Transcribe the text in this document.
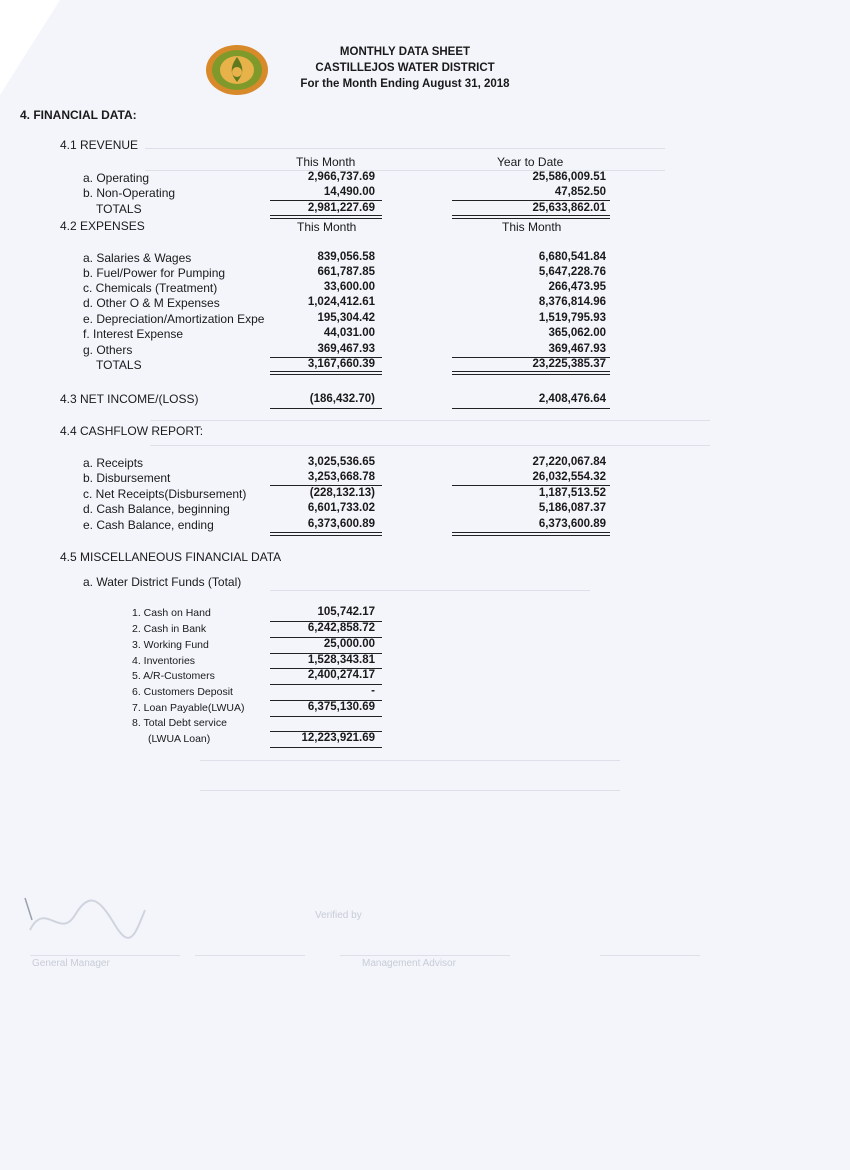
General Manager	Management Advisor
Verified by
MONTHLY DATA SHEET
CASTILLEJOS WATER DISTRICT
For the Month Ending August 31, 2018
4. FINANCIAL DATA:
4.1 REVENUE
This Month	Year to Date
a. Operating	2,966,737.69	25,586,009.51
b. Non-Operating	14,490.00	47,852.50
TOTALS	2,981,227.69	25,633,862.01
4.2 EXPENSES	This Month	This Month
a. Salaries & Wages	839,056.58	6,680,541.84
b. Fuel/Power for Pumping	661,787.85	5,647,228.76
c. Chemicals (Treatment)	33,600.00	266,473.95
d. Other O & M Expenses	1,024,412.61	8,376,814.96
e. Depreciation/Amortization Expe	195,304.42	1,519,795.93
f. Interest Expense	44,031.00	365,062.00
g. Others	369,467.93	369,467.93
TOTALS	3,167,660.39	23,225,385.37
4.3 NET INCOME/(LOSS)	(186,432.70)	2,408,476.64
4.4 CASHFLOW REPORT:
a. Receipts	3,025,536.65	27,220,067.84
b. Disbursement	3,253,668.78	26,032,554.32
c. Net Receipts(Disbursement)	(228,132.13)	1,187,513.52
d. Cash Balance, beginning	6,601,733.02	5,186,087.37
e. Cash Balance, ending	6,373,600.89	6,373,600.89
4.5 MISCELLANEOUS FINANCIAL DATA
a. Water District Funds (Total)
1. Cash on Hand	105,742.17
2. Cash in Bank	6,242,858.72
3. Working Fund	25,000.00
4. Inventories	1,528,343.81
5. A/R-Customers	2,400,274.17
6. Customers Deposit	-
7. Loan Payable(LWUA)	6,375,130.69
8. Total Debt service
(LWUA Loan)	12,223,921.69
